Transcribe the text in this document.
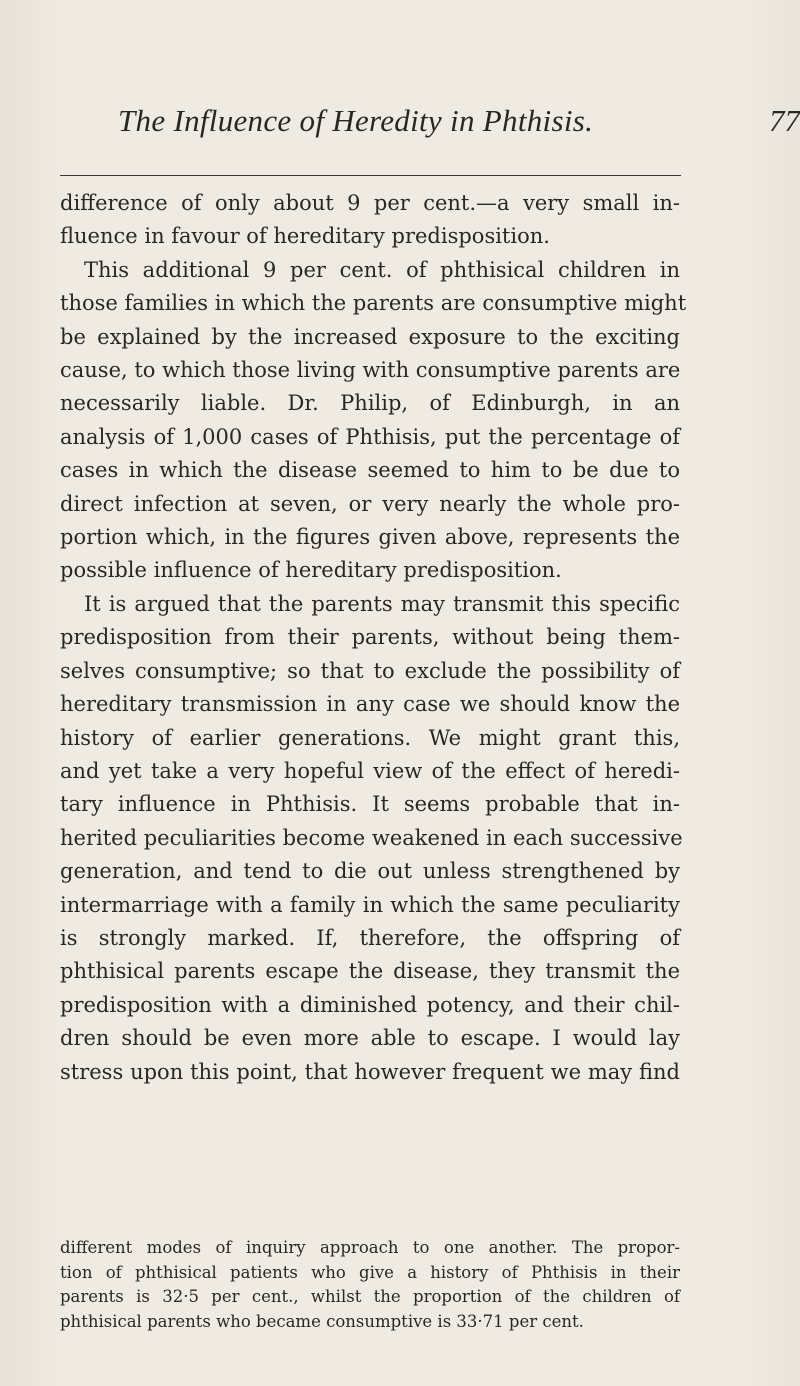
The Influence of Heredity in Phthisis.	77
difference of only about 9 per cent.—a very small in-
fluence in favour of hereditary predisposition.
This additional 9 per cent. of phthisical children in
those families in which the parents are consumptive might
be explained by the increased exposure to the exciting
cause, to which those living with consumptive parents are
necessarily liable. Dr. Philip, of Edinburgh, in an
analysis of 1,000 cases of Phthisis, put the percentage of
cases in which the disease seemed to him to be due to
direct infection at seven, or very nearly the whole pro-
portion which, in the figures given above, represents the
possible influence of hereditary predisposition.
It is argued that the parents may transmit this specific
predisposition from their parents, without being them-
selves consumptive; so that to exclude the possibility of
hereditary transmission in any case we should know the
history of earlier generations. We might grant this,
and yet take a very hopeful view of the effect of heredi-
tary influence in Phthisis. It seems probable that in-
herited peculiarities become weakened in each successive
generation, and tend to die out unless strengthened by
intermarriage with a family in which the same peculiarity
is strongly marked. If, therefore, the offspring of
phthisical parents escape the disease, they transmit the
predisposition with a diminished potency, and their chil-
dren should be even more able to escape. I would lay
stress upon this point, that however frequent we may find
different modes of inquiry approach to one another. The propor-
tion of phthisical patients who give a history of Phthisis in their
parents is 32·5 per cent., whilst the proportion of the children of
phthisical parents who became consumptive is 33·71 per cent.
